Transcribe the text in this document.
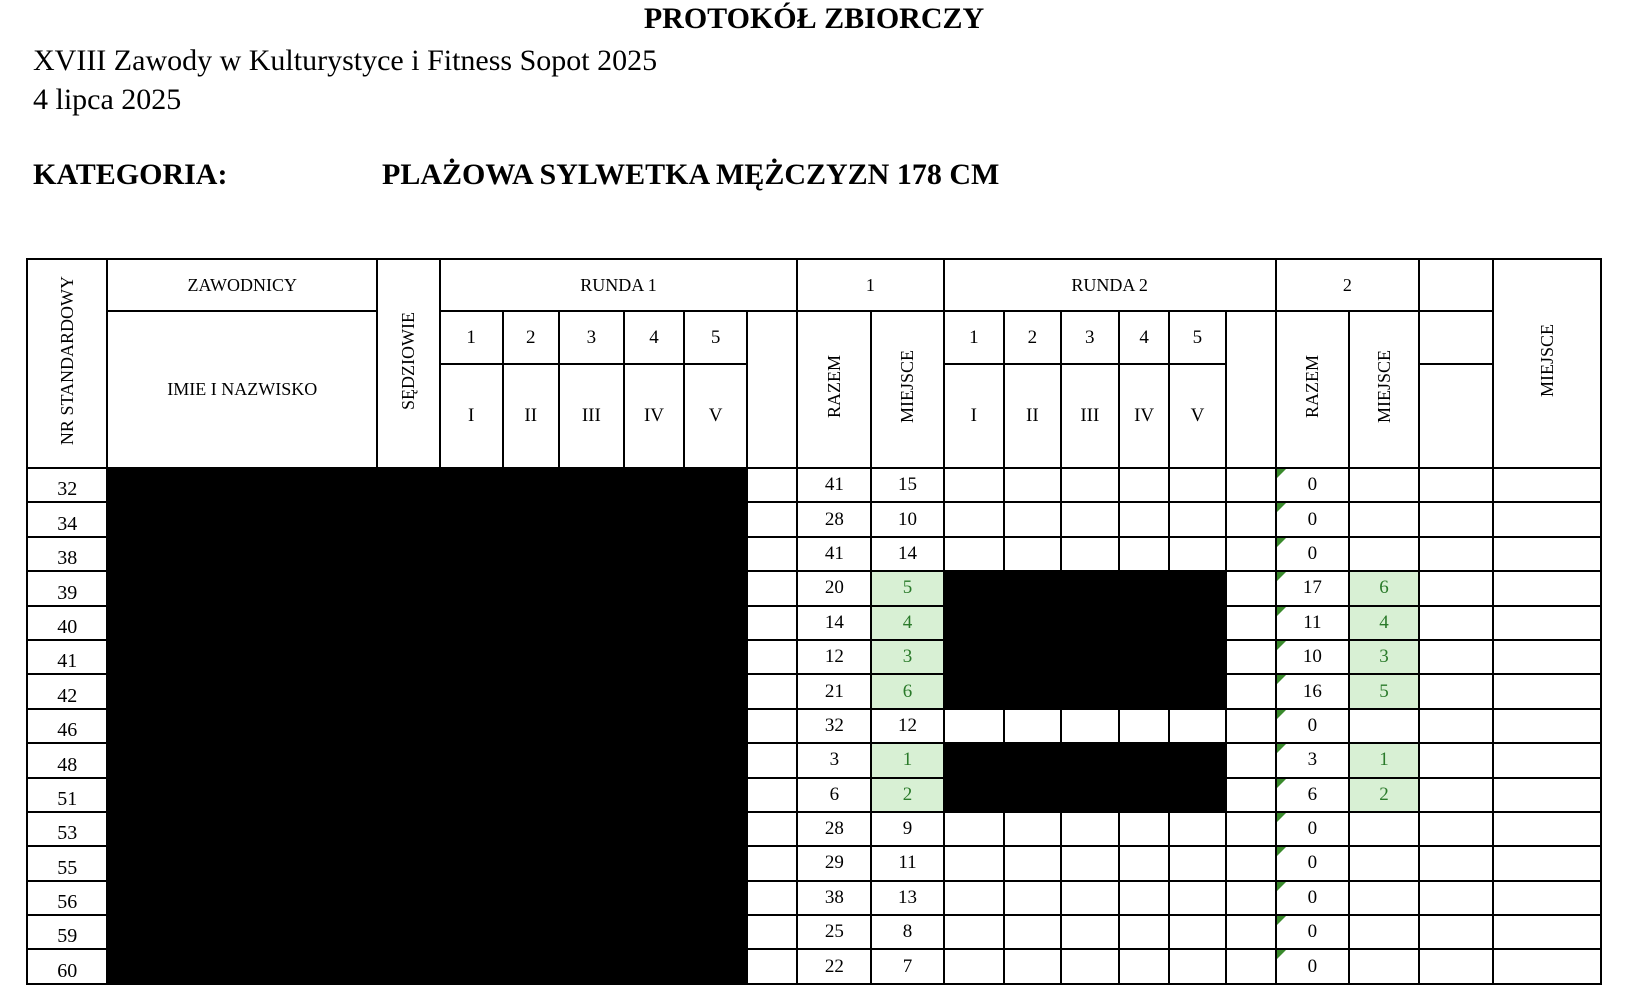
PROTOKÓŁ ZBIORCZY

XVIII Zawody w Kulturystyce i Fitness Sopot 2025

4 lipca 2025

KATEGORIA:	PLAŻOWA SYLWETKA MĘŻCZYZN 178 CM

NR STANDARDOWY	ZAWODNICY	SĘDZIOWIE	RUNDA 1						1		RUNDA 2						2			MIEJSCE
	IMIE I NAZWISKO		1	2	3	4	5		RAZEM	MIEJSCE	1	2	3	4	5		RAZEM	MIEJSCE		
			I	II	III	IV	V				I	II	III	IV	V					
32									41	15							0			
34									28	10							0			
38									41	14							0			
39									20	5							17	6		
40									14	4							11	4		
41									12	3							10	3		
42									21	6							16	5		
46									32	12							0			
48									3	1							3	1		
51									6	2							6	2		
53									28	9							0			
55									29	11							0			
56									38	13							0			
59									25	8							0			
60									22	7							0			
